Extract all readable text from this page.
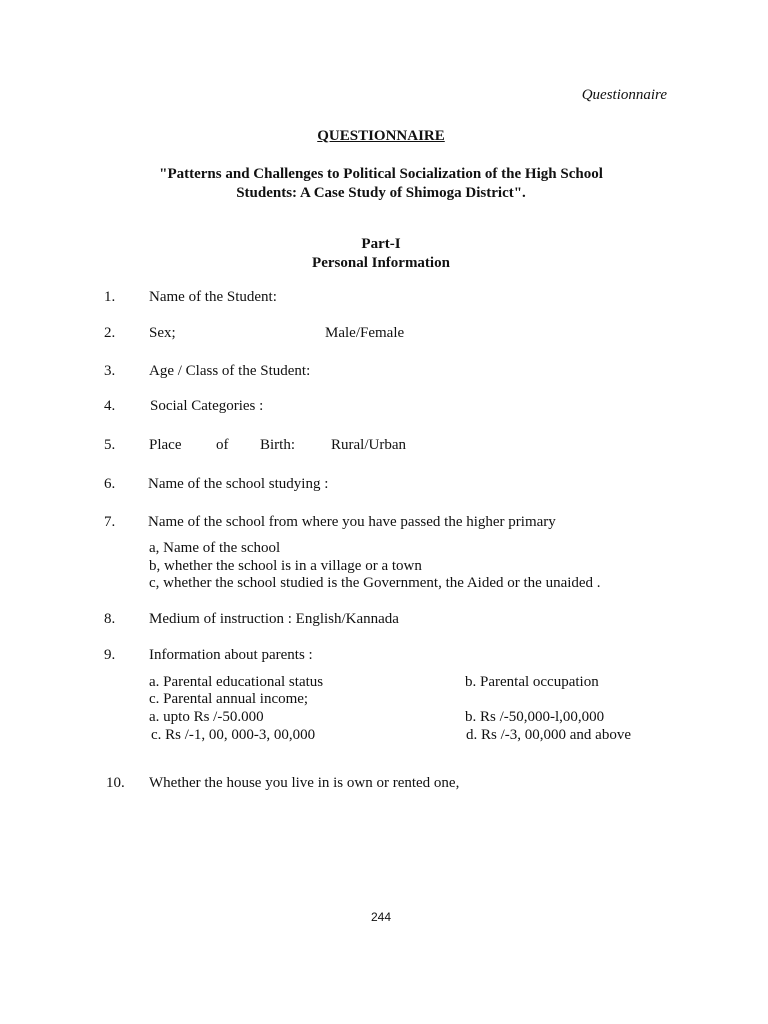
Questionnaire
QUESTIONNAIRE
"Patterns and Challenges to Political Socialization of the High School
Students: A Case Study of Shimoga District".
Part-I
Personal Information
1. Name of the Student:
2. Sex;	Male/Female
3. Age / Class of the Student:
4. Social Categories :
5. Place of Birth: Rural/Urban
6. Name of the school studying :
7. Name of the school from where you have passed the higher primary
a, Name of the school
b, whether the school is in a village or a town
c, whether the school studied is the Government, the Aided or the unaided .
8. Medium of instruction : English/Kannada
9. Information about parents :
a. Parental educational status	b. Parental occupation
c. Parental annual income;
a. upto Rs /-50.000	b. Rs /-50,000-l,00,000
c. Rs /-1, 00, 000-3, 00,000	d. Rs /-3, 00,000 and above
10. Whether the house you live in is own or rented one,
244
